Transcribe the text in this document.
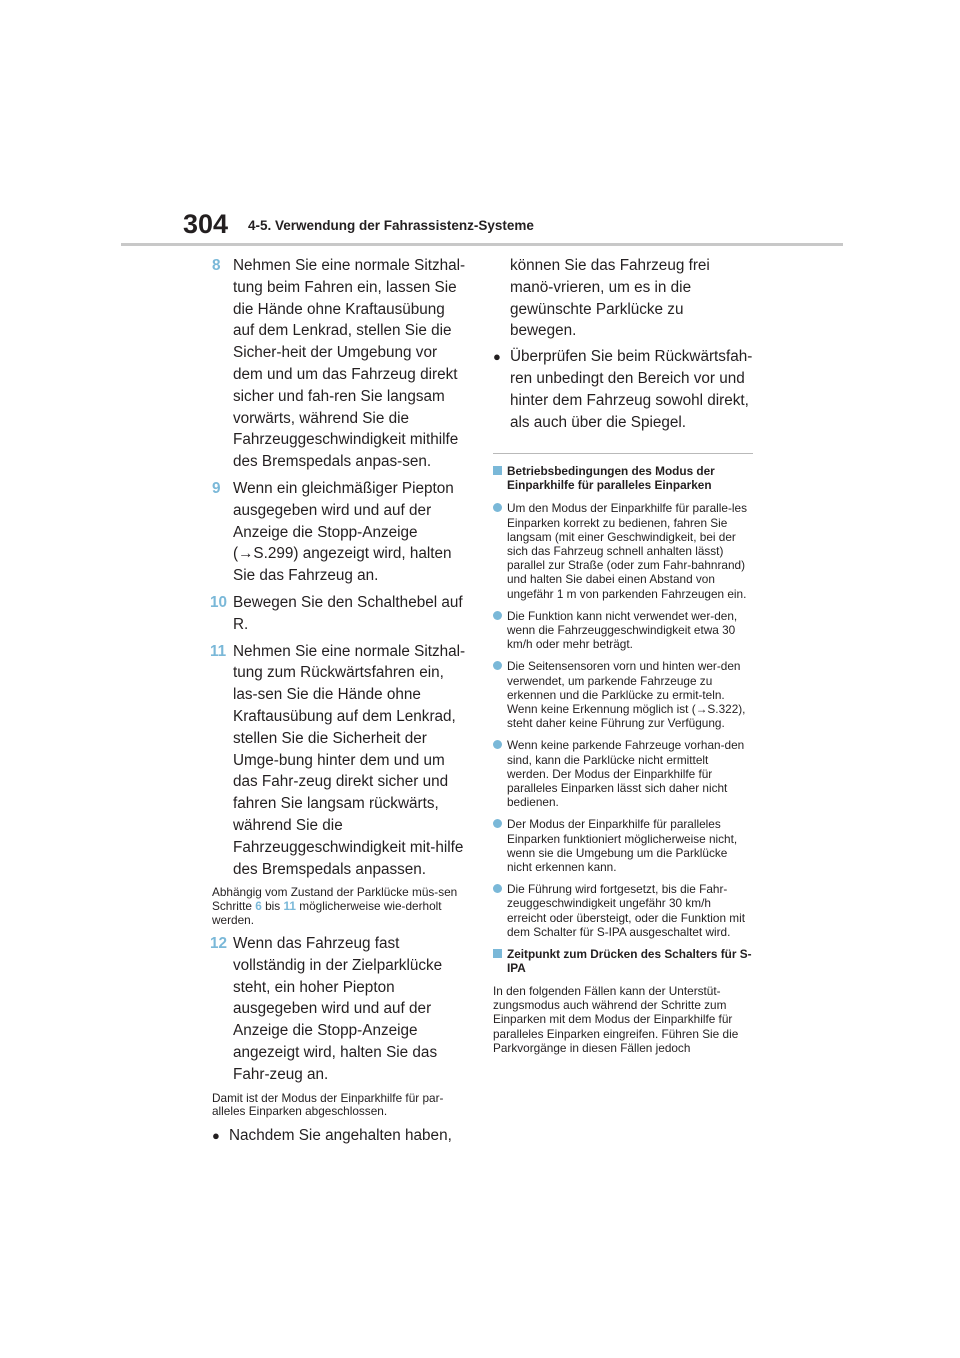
304 4-5. Verwendung der Fahrassistenz-Systeme
8 Nehmen Sie eine normale Sitzhal-tung beim Fahren ein, lassen Sie die Hände ohne Kraftausübung auf dem Lenkrad, stellen Sie die Sicher-heit der Umgebung vor dem und um das Fahrzeug direkt sicher und fah-ren Sie langsam vorwärts, während Sie die Fahrzeuggeschwindigkeit mithilfe des Bremspedals anpas-sen.
9 Wenn ein gleichmäßiger Piepton ausgegeben wird und auf der Anzeige die Stopp-Anzeige (→S.299) angezeigt wird, halten Sie das Fahrzeug an.
10 Bewegen Sie den Schalthebel auf R.
11 Nehmen Sie eine normale Sitzhal-tung zum Rückwärtsfahren ein, las-sen Sie die Hände ohne Kraftausübung auf dem Lenkrad, stellen Sie die Sicherheit der Umge-bung hinter dem und um das Fahr-zeug direkt sicher und fahren Sie langsam rückwärts, während Sie die Fahrzeuggeschwindigkeit mit-hilfe des Bremspedals anpassen.
Abhängig vom Zustand der Parklücke müs-sen Schritte 6 bis 11 möglicherweise wie-derholt werden.
12 Wenn das Fahrzeug fast vollständig in der Zielparklücke steht, ein hoher Piepton ausgegeben wird und auf der Anzeige die Stopp-Anzeige angezeigt wird, halten Sie das Fahr-zeug an.
Damit ist der Modus der Einparkhilfe für par-alleles Einparken abgeschlossen.
● Nachdem Sie angehalten haben,
können Sie das Fahrzeug frei manö-vrieren, um es in die gewünschte Parklücke zu bewegen.
● Überprüfen Sie beim Rückwärtsfah-ren unbedingt den Bereich vor und hinter dem Fahrzeug sowohl direkt, als auch über die Spiegel.
Betriebsbedingungen des Modus der Einparkhilfe für paralleles Einparken
Um den Modus der Einparkhilfe für paralle-les Einparken korrekt zu bedienen, fahren Sie langsam (mit einer Geschwindigkeit, bei der sich das Fahrzeug schnell anhalten lässt) parallel zur Straße (oder zum Fahr-bahnrand) und halten Sie dabei einen Abstand von ungefähr 1 m von parkenden Fahrzeugen ein.
Die Funktion kann nicht verwendet wer-den, wenn die Fahrzeuggeschwindigkeit etwa 30 km/h oder mehr beträgt.
Die Seitensensoren vorn und hinten wer-den verwendet, um parkende Fahrzeuge zu erkennen und die Parklücke zu ermit-teln. Wenn keine Erkennung möglich ist (→S.322), steht daher keine Führung zur Verfügung.
Wenn keine parkende Fahrzeuge vorhan-den sind, kann die Parklücke nicht ermittelt werden. Der Modus der Einparkhilfe für paralleles Einparken lässt sich daher nicht bedienen.
Der Modus der Einparkhilfe für paralleles Einparken funktioniert möglicherweise nicht, wenn sie die Umgebung um die Parklücke nicht erkennen kann.
Die Führung wird fortgesetzt, bis die Fahr-zeuggeschwindigkeit ungefähr 30 km/h erreicht oder übersteigt, oder die Funktion mit dem Schalter für S-IPA ausgeschaltet wird.
Zeitpunkt zum Drücken des Schalters für S-IPA
In den folgenden Fällen kann der Unterstüt-zungsmodus auch während der Schritte zum Einparken mit dem Modus der Einparkhilfe für paralleles Einparken eingreifen. Führen Sie die Parkvorgänge in diesen Fällen jedoch
